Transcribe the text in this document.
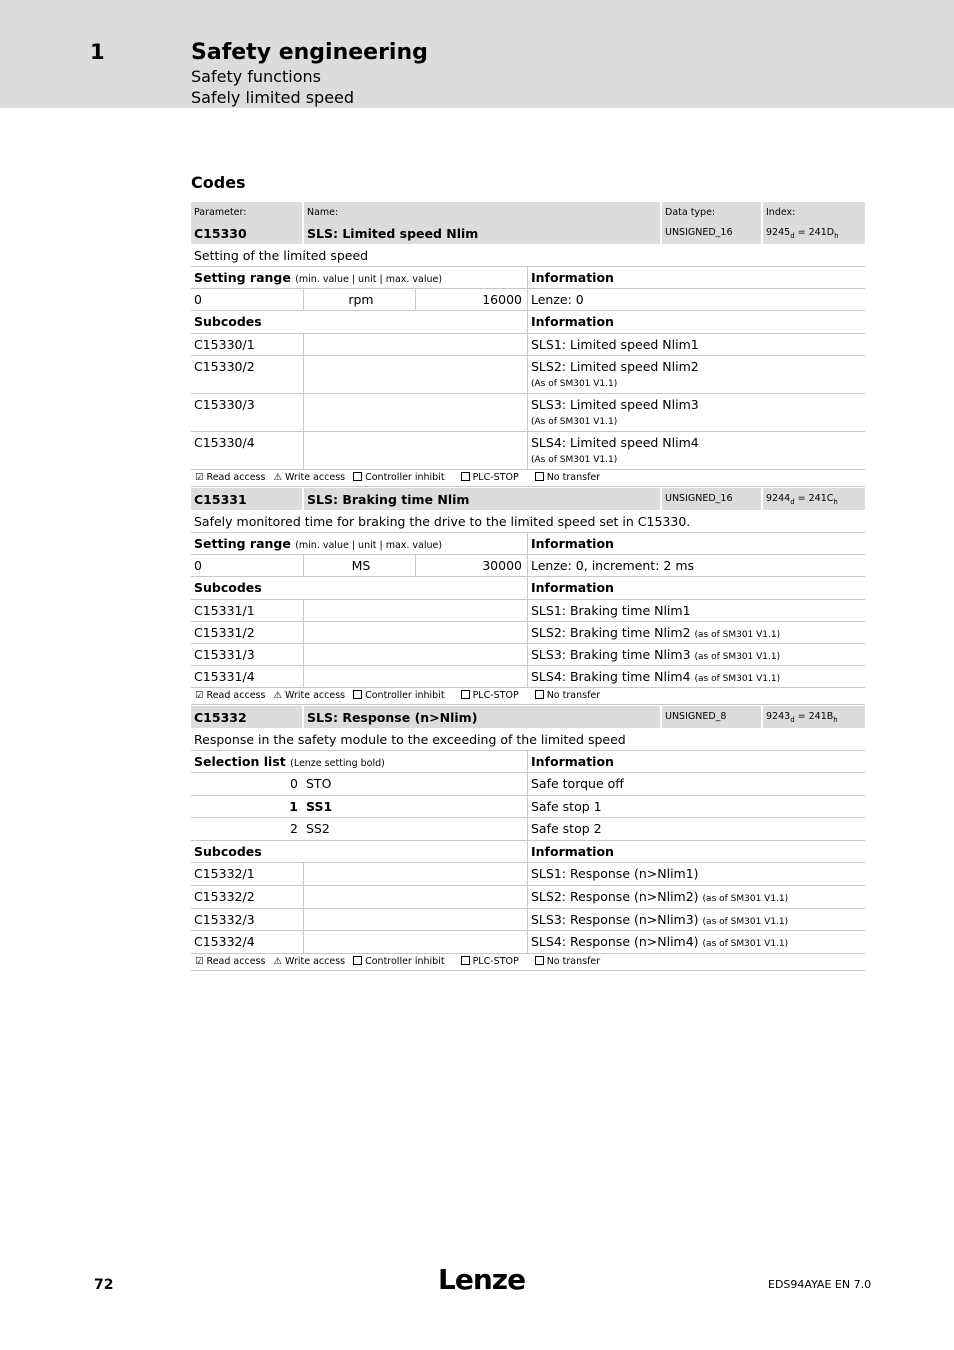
1	Safety engineering
Safety functions
Safely limited speed
Codes
Parameter:	Name:	Data type:	Index:
C15330	SLS: Limited speed Nlim	UNSIGNED_16	$9245_d = 241D_h$
Setting of the limited speed
Setting range (min. value | unit | max. value)	Information
0	rpm	16000 Lenze: 0
Subcodes	Information
C15330/1	SLS1: Limited speed Nlim1
C15330/2	SLS2: Limited speed Nlim2
(As of SM301 V1.1)
C15330/3	SLS3: Limited speed Nlim3
(As of SM301 V1.1)
C15330/4	SLS4: Limited speed Nlim4
(As of SM301 V1.1)
☑ Read access ⚠ Write access Controller inhibit	PLC-STOP	No transfer
C15331	SLS: Braking time Nlim	UNSIGNED_16	$9244_d = 241C_h$
Safely monitored time for braking the drive to the limited speed set in C15330.
Setting range (min. value | unit | max. value)	Information
0	MS	30000 Lenze: 0, increment: 2 ms
Subcodes	Information
C15331/1	SLS1: Braking time Nlim1
C15331/2	SLS2: Braking time Nlim2 (as of SM301 V1.1)
C15331/3	SLS3: Braking time Nlim3 (as of SM301 V1.1)
C15331/4	SLS4: Braking time Nlim4 (as of SM301 V1.1)
☑ Read access ⚠ Write access Controller inhibit	PLC-STOP	No transfer
C15332	SLS: Response (n>Nlim)	UNSIGNED_8	$9243_d = 241B_h$
Response in the safety module to the exceeding of the limited speed
Selection list (Lenze setting bold)	Information
0 STO	Safe torque off
1 SS1	Safe stop 1
2 SS2	Safe stop 2
Subcodes	Information
C15332/1	SLS1: Response (n>Nlim1)
C15332/2	SLS2: Response (n>Nlim2) (as of SM301 V1.1)
C15332/3	SLS3: Response (n>Nlim3) (as of SM301 V1.1)
C15332/4	SLS4: Response (n>Nlim4) (as of SM301 V1.1)
☑ Read access ⚠ Write access Controller inhibit	PLC-STOP	No transfer
72	Lenze	EDS94AYAE EN 7.0
